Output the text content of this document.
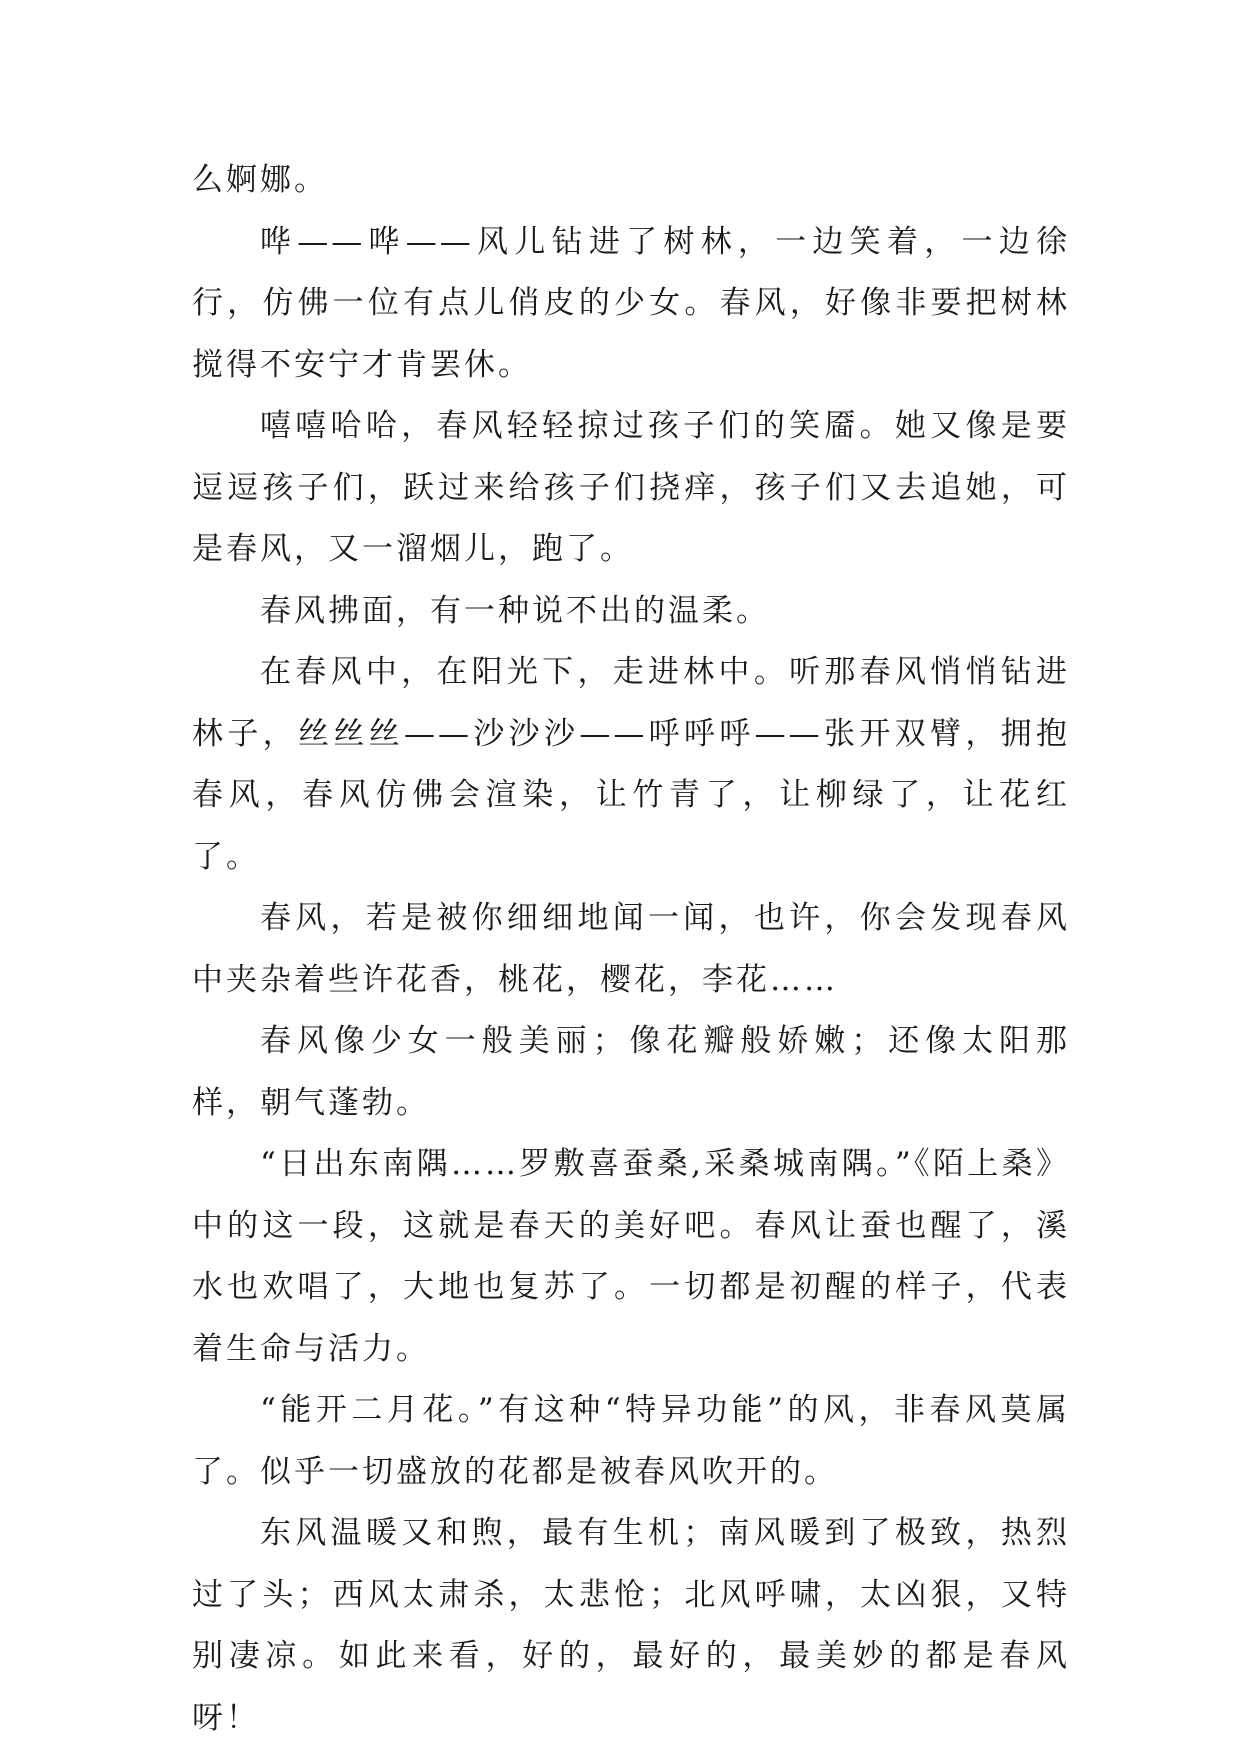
么婀娜。

哗——哗——风儿钻进了树林，一边笑着，一边徐行，仿佛一位有点儿俏皮的少女。春风，好像非要把树林搅得不安宁才肯罢休。

嘻嘻哈哈，春风轻轻掠过孩子们的笑靥。她又像是要逗逗孩子们，跃过来给孩子们挠痒，孩子们又去追她，可是春风，又一溜烟儿，跑了。

春风拂面，有一种说不出的温柔。

在春风中，在阳光下，走进林中。听那春风悄悄钻进林子，丝丝丝——沙沙沙——呼呼呼——张开双臂，拥抱春风，春风仿佛会渲染，让竹青了，让柳绿了，让花红了。

春风，若是被你细细地闻一闻，也许，你会发现春风中夹杂着些许花香，桃花，樱花，李花……

春风像少女一般美丽；像花瓣般娇嫩；还像太阳那样，朝气蓬勃。

“日出东南隅……罗敷喜蚕桑,采桑城南隅。”《陌上桑》中的这一段，这就是春天的美好吧。春风让蚕也醒了，溪水也欢唱了，大地也复苏了。一切都是初醒的样子，代表着生命与活力。

“能开二月花。”有这种“特异功能”的风，非春风莫属了。似乎一切盛放的花都是被春风吹开的。

东风温暖又和煦，最有生机；南风暖到了极致，热烈过了头；西风太肃杀，太悲怆；北风呼啸，太凶狠，又特别凄凉。如此来看，好的，最好的，最美妙的都是春风呀！
